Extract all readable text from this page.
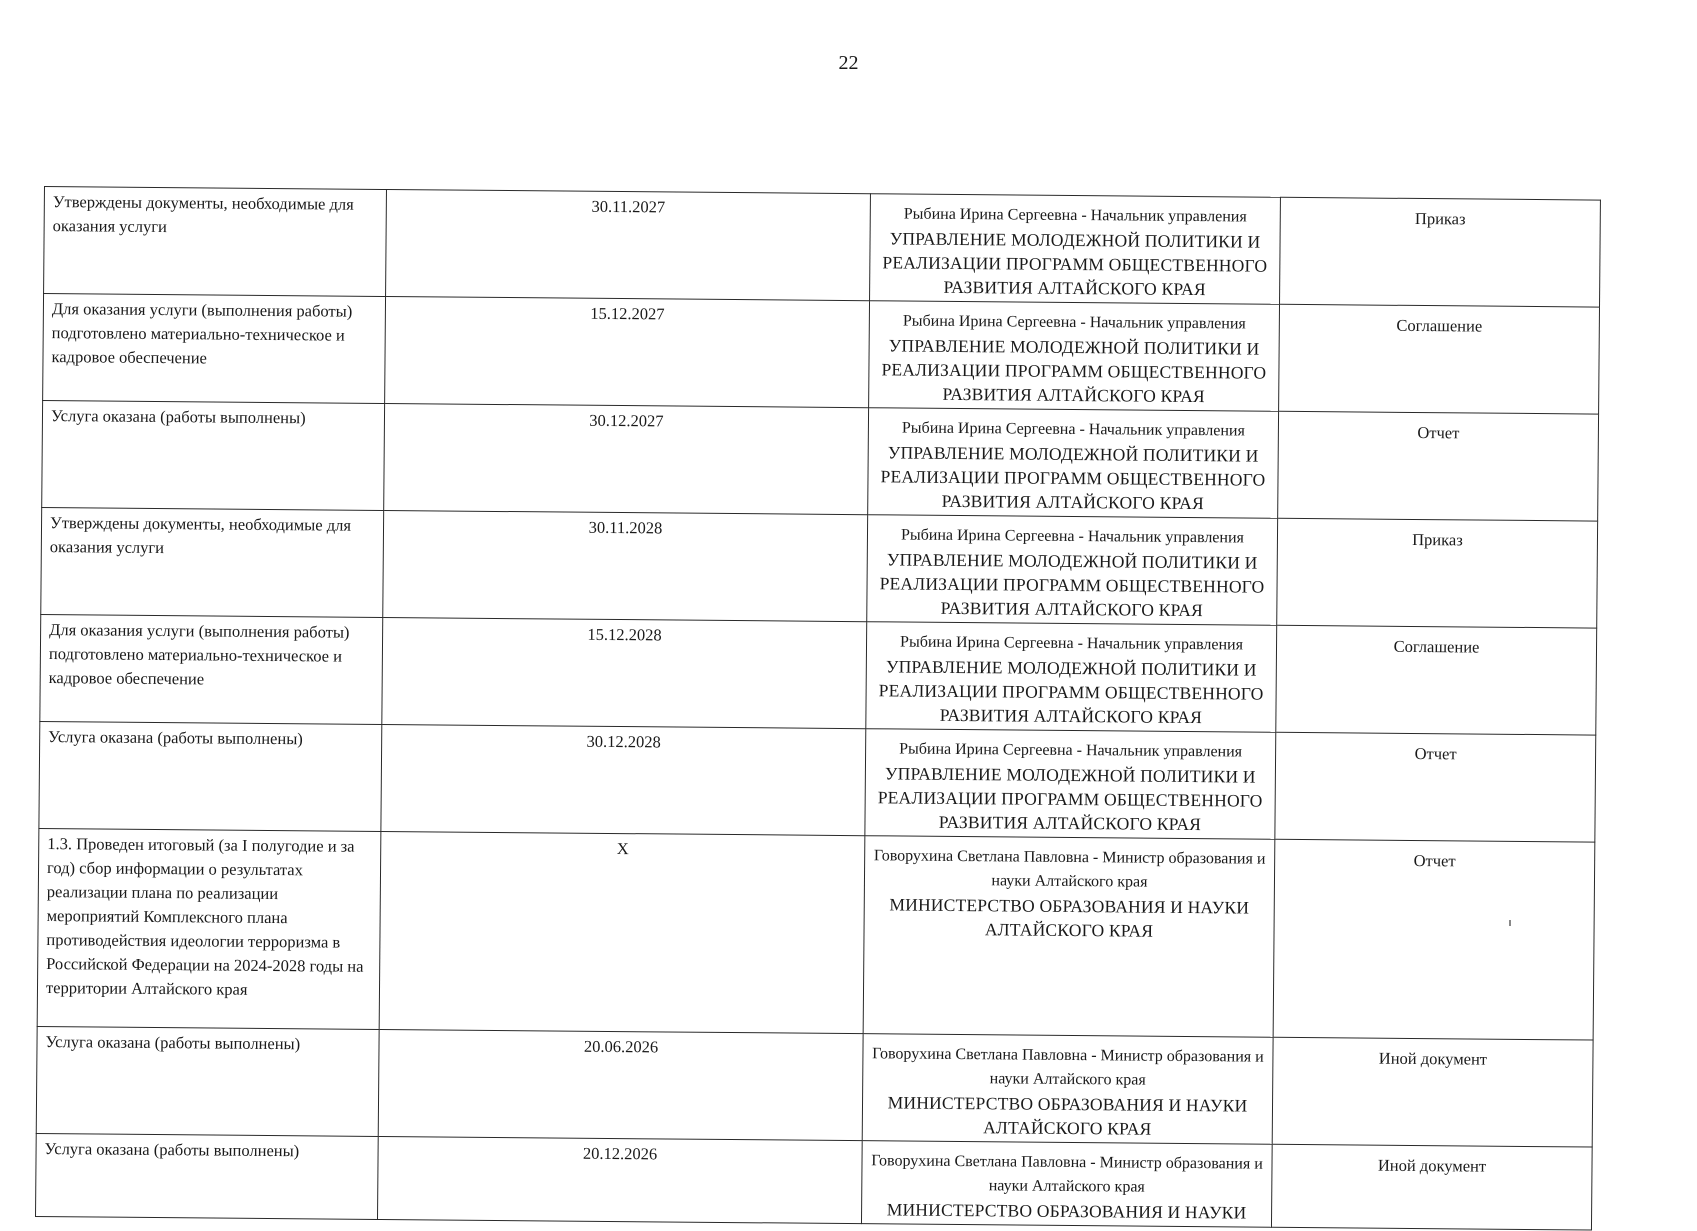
22
Утверждены документы, необходимые для оказания услуги	30.11.2027	Рыбина Ирина Сергеевна - Начальник управления
УПРАВЛЕНИЕ МОЛОДЕЖНОЙ ПОЛИТИКИ И РЕАЛИЗАЦИИ ПРОГРАММ ОБЩЕСТВЕННОГО РАЗВИТИЯ АЛТАЙСКОГО КРАЯ	Приказ
Для оказания услуги (выполнения работы) подготовлено материально-техническое и кадровое обеспечение	15.12.2027	Рыбина Ирина Сергеевна - Начальник управления
УПРАВЛЕНИЕ МОЛОДЕЖНОЙ ПОЛИТИКИ И РЕАЛИЗАЦИИ ПРОГРАММ ОБЩЕСТВЕННОГО РАЗВИТИЯ АЛТАЙСКОГО КРАЯ	Соглашение
Услуга оказана (работы выполнены)	30.12.2027	Рыбина Ирина Сергеевна - Начальник управления
УПРАВЛЕНИЕ МОЛОДЕЖНОЙ ПОЛИТИКИ И РЕАЛИЗАЦИИ ПРОГРАММ ОБЩЕСТВЕННОГО РАЗВИТИЯ АЛТАЙСКОГО КРАЯ	Отчет
Утверждены документы, необходимые для оказания услуги	30.11.2028	Рыбина Ирина Сергеевна - Начальник управления
УПРАВЛЕНИЕ МОЛОДЕЖНОЙ ПОЛИТИКИ И РЕАЛИЗАЦИИ ПРОГРАММ ОБЩЕСТВЕННОГО РАЗВИТИЯ АЛТАЙСКОГО КРАЯ	Приказ
Для оказания услуги (выполнения работы) подготовлено материально-техническое и кадровое обеспечение	15.12.2028	Рыбина Ирина Сергеевна - Начальник управления
УПРАВЛЕНИЕ МОЛОДЕЖНОЙ ПОЛИТИКИ И РЕАЛИЗАЦИИ ПРОГРАММ ОБЩЕСТВЕННОГО РАЗВИТИЯ АЛТАЙСКОГО КРАЯ	Соглашение
Услуга оказана (работы выполнены)	30.12.2028	Рыбина Ирина Сергеевна - Начальник управления
УПРАВЛЕНИЕ МОЛОДЕЖНОЙ ПОЛИТИКИ И РЕАЛИЗАЦИИ ПРОГРАММ ОБЩЕСТВЕННОГО РАЗВИТИЯ АЛТАЙСКОГО КРАЯ	Отчет
1.3. Проведен итоговый (за I полугодие и за год) сбор информации о результатах реализации плана по реализации мероприятий Комплексного плана противодействия идеологии терроризма в Российской Федерации на 2024-2028 годы на территории Алтайского края	Х	Говорухина Светлана Павловна - Министр образования и науки Алтайского края
МИНИСТЕРСТВО ОБРАЗОВАНИЯ И НАУКИ АЛТАЙСКОГО КРАЯ	Отчет
Услуга оказана (работы выполнены)	20.06.2026	Говорухина Светлана Павловна - Министр образования и науки Алтайского края
МИНИСТЕРСТВО ОБРАЗОВАНИЯ И НАУКИ АЛТАЙСКОГО КРАЯ	Иной документ
Услуга оказана (работы выполнены)	20.12.2026	Говорухина Светлана Павловна - Министр образования и науки Алтайского края
МИНИСТЕРСТВО ОБРАЗОВАНИЯ И НАУКИ	Иной документ
